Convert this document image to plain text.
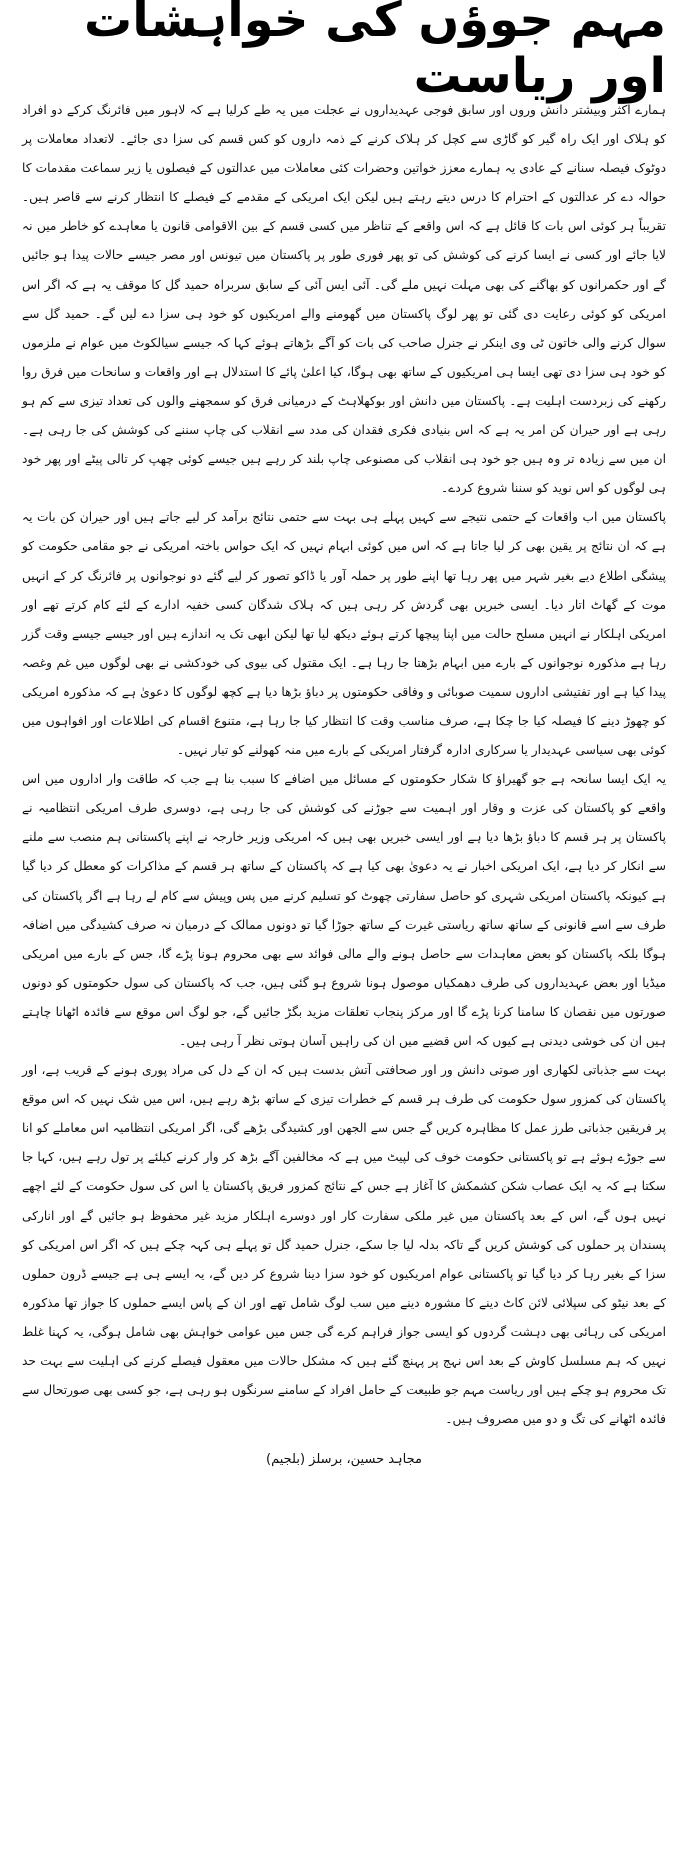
مہم جوؤں کی خواہشات اور ریاست

ہمارے اکثر وبیشتر دانش وروں اور سابق فوجی عہدیداروں نے عجلت میں یہ طے کرلیا ہے کہ لاہور میں فائرنگ کرکے دو افراد کو ہلاک اور ایک راہ گیر کو گاڑی سے کچل کر ہلاک کرنے کے ذمہ داروں کو کس قسم کی سزا دی جائے۔ لاتعداد معاملات پر دوٹوک فیصلہ سنانے کے عادی یہ ہمارے معزز خواتین وحضرات کئی معاملات میں عدالتوں کے فیصلوں یا زیر سماعت مقدمات کا حوالہ دے کر عدالتوں کے احترام کا درس دیتے رہتے ہیں لیکن ایک امریکی کے مقدمے کے فیصلے کا انتظار کرنے سے قاصر ہیں۔ تقریباً ہر کوئی اس بات کا قائل ہے کہ اس واقعے کے تناظر میں کسی قسم کے بین الاقوامی قانون یا معاہدے کو خاطر میں نہ لایا جائے اور کسی نے ایسا کرنے کی کوشش کی تو پھر فوری طور پر پاکستان میں تیونس اور مصر جیسے حالات پیدا ہو جائیں گے اور حکمرانوں کو بھاگنے کی بھی مہلت نہیں ملے گی۔ آئی ایس آئی کے سابق سربراہ حمید گل کا موقف یہ ہے کہ اگر اس امریکی کو کوئی رعایت دی گئی تو پھر لوگ پاکستان میں گھومنے والے امریکیوں کو خود ہی سزا دے لیں گے۔ حمید گل سے سوال کرنے والی خاتون ٹی وی اینکر نے جنرل صاحب کی بات کو آگے بڑھاتے ہوئے کہا کہ جیسے سیالکوٹ میں عوام نے ملزموں کو خود ہی سزا دی تھی ایسا ہی امریکیوں کے ساتھ بھی ہوگا، کیا اعلیٰ پائے کا استدلال ہے اور واقعات و سانحات میں فرق روا رکھنے کی زبردست اہلیت ہے۔ پاکستان میں دانش اور بوکھلاہٹ کے درمیانی فرق کو سمجھنے والوں کی تعداد تیزی سے کم ہو رہی ہے اور حیران کن امر یہ ہے کہ اس بنیادی فکری فقدان کی مدد سے انقلاب کی چاپ سننے کی کوشش کی جا رہی ہے۔ ان میں سے زیادہ تر وہ ہیں جو خود ہی انقلاب کی مصنوعی چاپ بلند کر رہے ہیں جیسے کوئی چھپ کر تالی پیٹے اور پھر خود ہی لوگوں کو اس نوید کو سننا شروع کردے۔

پاکستان میں اب واقعات کے حتمی نتیجے سے کہیں پہلے ہی بہت سے حتمی نتائج برآمد کر لیے جاتے ہیں اور حیران کن بات یہ ہے کہ ان نتائج پر یقین بھی کر لیا جاتا ہے کہ اس میں کوئی ابہام نہیں کہ ایک حواس باختہ امریکی نے جو مقامی حکومت کو پیشگی اطلاع دیے بغیر شہر میں پھر رہا تھا اپنے طور پر حملہ آور یا ڈاکو تصور کر لیے گئے دو نوجوانوں پر فائرنگ کر کے انہیں موت کے گھاٹ اتار دیا۔ ایسی خبریں بھی گردش کر رہی ہیں کہ ہلاک شدگان کسی خفیہ ادارے کے لئے کام کرتے تھے اور امریکی اہلکار نے انہیں مسلح حالت میں اپنا پیچھا کرتے ہوئے دیکھ لیا تھا لیکن ابھی تک یہ اندازے ہیں اور جیسے جیسے وقت گزر رہا ہے مذکورہ نوجوانوں کے بارے میں ابہام بڑھتا جا رہا ہے۔ ایک مقتول کی بیوی کی خودکشی نے بھی لوگوں میں غم وغصہ پیدا کیا ہے اور تفتیشی اداروں سمیت صوبائی و وفاقی حکومتوں پر دباؤ بڑھا دیا ہے کچھ لوگوں کا دعویٰ ہے کہ مذکورہ امریکی کو چھوڑ دینے کا فیصلہ کیا جا چکا ہے، صرف مناسب وقت کا انتظار کیا جا رہا ہے، متنوع اقسام کی اطلاعات اور افواہوں میں کوئی بھی سیاسی عہدیدار یا سرکاری ادارہ گرفتار امریکی کے بارے میں منہ کھولنے کو تیار نہیں۔

یہ ایک ایسا سانحہ ہے جو گھیراؤ کا شکار حکومتوں کے مسائل میں اضافے کا سبب بنا ہے جب کہ طاقت وار اداروں میں اس واقعے کو پاکستان کی عزت و وقار اور اہمیت سے جوڑنے کی کوشش کی جا رہی ہے، دوسری طرف امریکی انتظامیہ نے پاکستان پر ہر قسم کا دباؤ بڑھا دیا ہے اور ایسی خبریں بھی ہیں کہ امریکی وزیر خارجہ نے اپنے پاکستانی ہم منصب سے ملنے سے انکار کر دیا ہے، ایک امریکی اخبار نے یہ دعویٰ بھی کیا ہے کہ پاکستان کے ساتھ ہر قسم کے مذاکرات کو معطل کر دیا گیا ہے کیونکہ پاکستان امریکی شہری کو حاصل سفارتی چھوٹ کو تسلیم کرنے میں پس وپیش سے کام لے رہا ہے اگر پاکستان کی طرف سے اسے قانونی کے ساتھ ساتھ ریاستی غیرت کے ساتھ جوڑا گیا تو دونوں ممالک کے درمیان نہ صرف کشیدگی میں اضافہ ہوگا بلکہ پاکستان کو بعض معاہدات سے حاصل ہونے والے مالی فوائد سے بھی محروم ہونا پڑے گا، جس کے بارے میں امریکی میڈیا اور بعض عہدیداروں کی طرف دھمکیاں موصول ہونا شروع ہو گئی ہیں، جب کہ پاکستان کی سول حکومتوں کو دونوں صورتوں میں نقصان کا سامنا کرنا پڑے گا اور مرکز پنجاب تعلقات مزید بگڑ جائیں گے، جو لوگ اس موقع سے فائدہ اٹھانا چاہتے ہیں ان کی خوشی دیدنی ہے کیوں کہ اس قضیے میں ان کی راہیں آسان ہوتی نظر آ رہی ہیں۔

بہت سے جذباتی لکھاری اور صوتی دانش ور اور صحافتی آتش بدست ہیں کہ ان کے دل کی مراد پوری ہونے کے قریب ہے، اور پاکستان کی کمزور سول حکومت کی طرف ہر قسم کے خطرات تیزی کے ساتھ بڑھ رہے ہیں، اس میں شک نہیں کہ اس موقع پر فریقین جذباتی طرز عمل کا مظاہرہ کریں گے جس سے الجھن اور کشیدگی بڑھے گی، اگر امریکی انتظامیہ اس معاملے کو انا سے جوڑے ہوئے ہے تو پاکستانی حکومت خوف کی لپیٹ میں ہے کہ مخالفین آگے بڑھ کر وار کرنے کیلئے پر تول رہے ہیں، کہا جا سکتا ہے کہ یہ ایک عصاب شکن کشمکش کا آغاز ہے جس کے نتائج کمزور فریق پاکستان یا اس کی سول حکومت کے لئے اچھے نہیں ہوں گے، اس کے بعد پاکستان میں غیر ملکی سفارت کار اور دوسرے اہلکار مزید غیر محفوظ ہو جائیں گے اور انارکی پسندان پر حملوں کی کوشش کریں گے تاکہ بدلہ لیا جا سکے، جنرل حمید گل تو پہلے ہی کہہ چکے ہیں کہ اگر اس امریکی کو سزا کے بغیر رہا کر دیا گیا تو پاکستانی عوام امریکیوں کو خود سزا دینا شروع کر دیں گے، یہ ایسے ہی ہے جیسے ڈرون حملوں کے بعد نیٹو کی سپلائی لائن کاٹ دینے کا مشورہ دینے میں سب لوگ شامل تھے اور ان کے پاس ایسے حملوں کا جواز تھا مذکورہ امریکی کی رہائی بھی دہشت گردوں کو ایسی جواز فراہم کرے گی جس میں عوامی خواہش بھی شامل ہوگی، یہ کہنا غلط نہیں کہ ہم مسلسل کاوش کے بعد اس نہج پر پہنچ گئے ہیں کہ مشکل حالات میں معقول فیصلے کرنے کی اہلیت سے بہت حد تک محروم ہو چکے ہیں اور ریاست مہم جو طبیعت کے حامل افراد کے سامنے سرنگوں ہو رہی ہے، جو کسی بھی صورتحال سے فائدہ اٹھانے کی تگ و دو میں مصروف ہیں۔

مجاہد حسین، برسلز (بلجیم)
